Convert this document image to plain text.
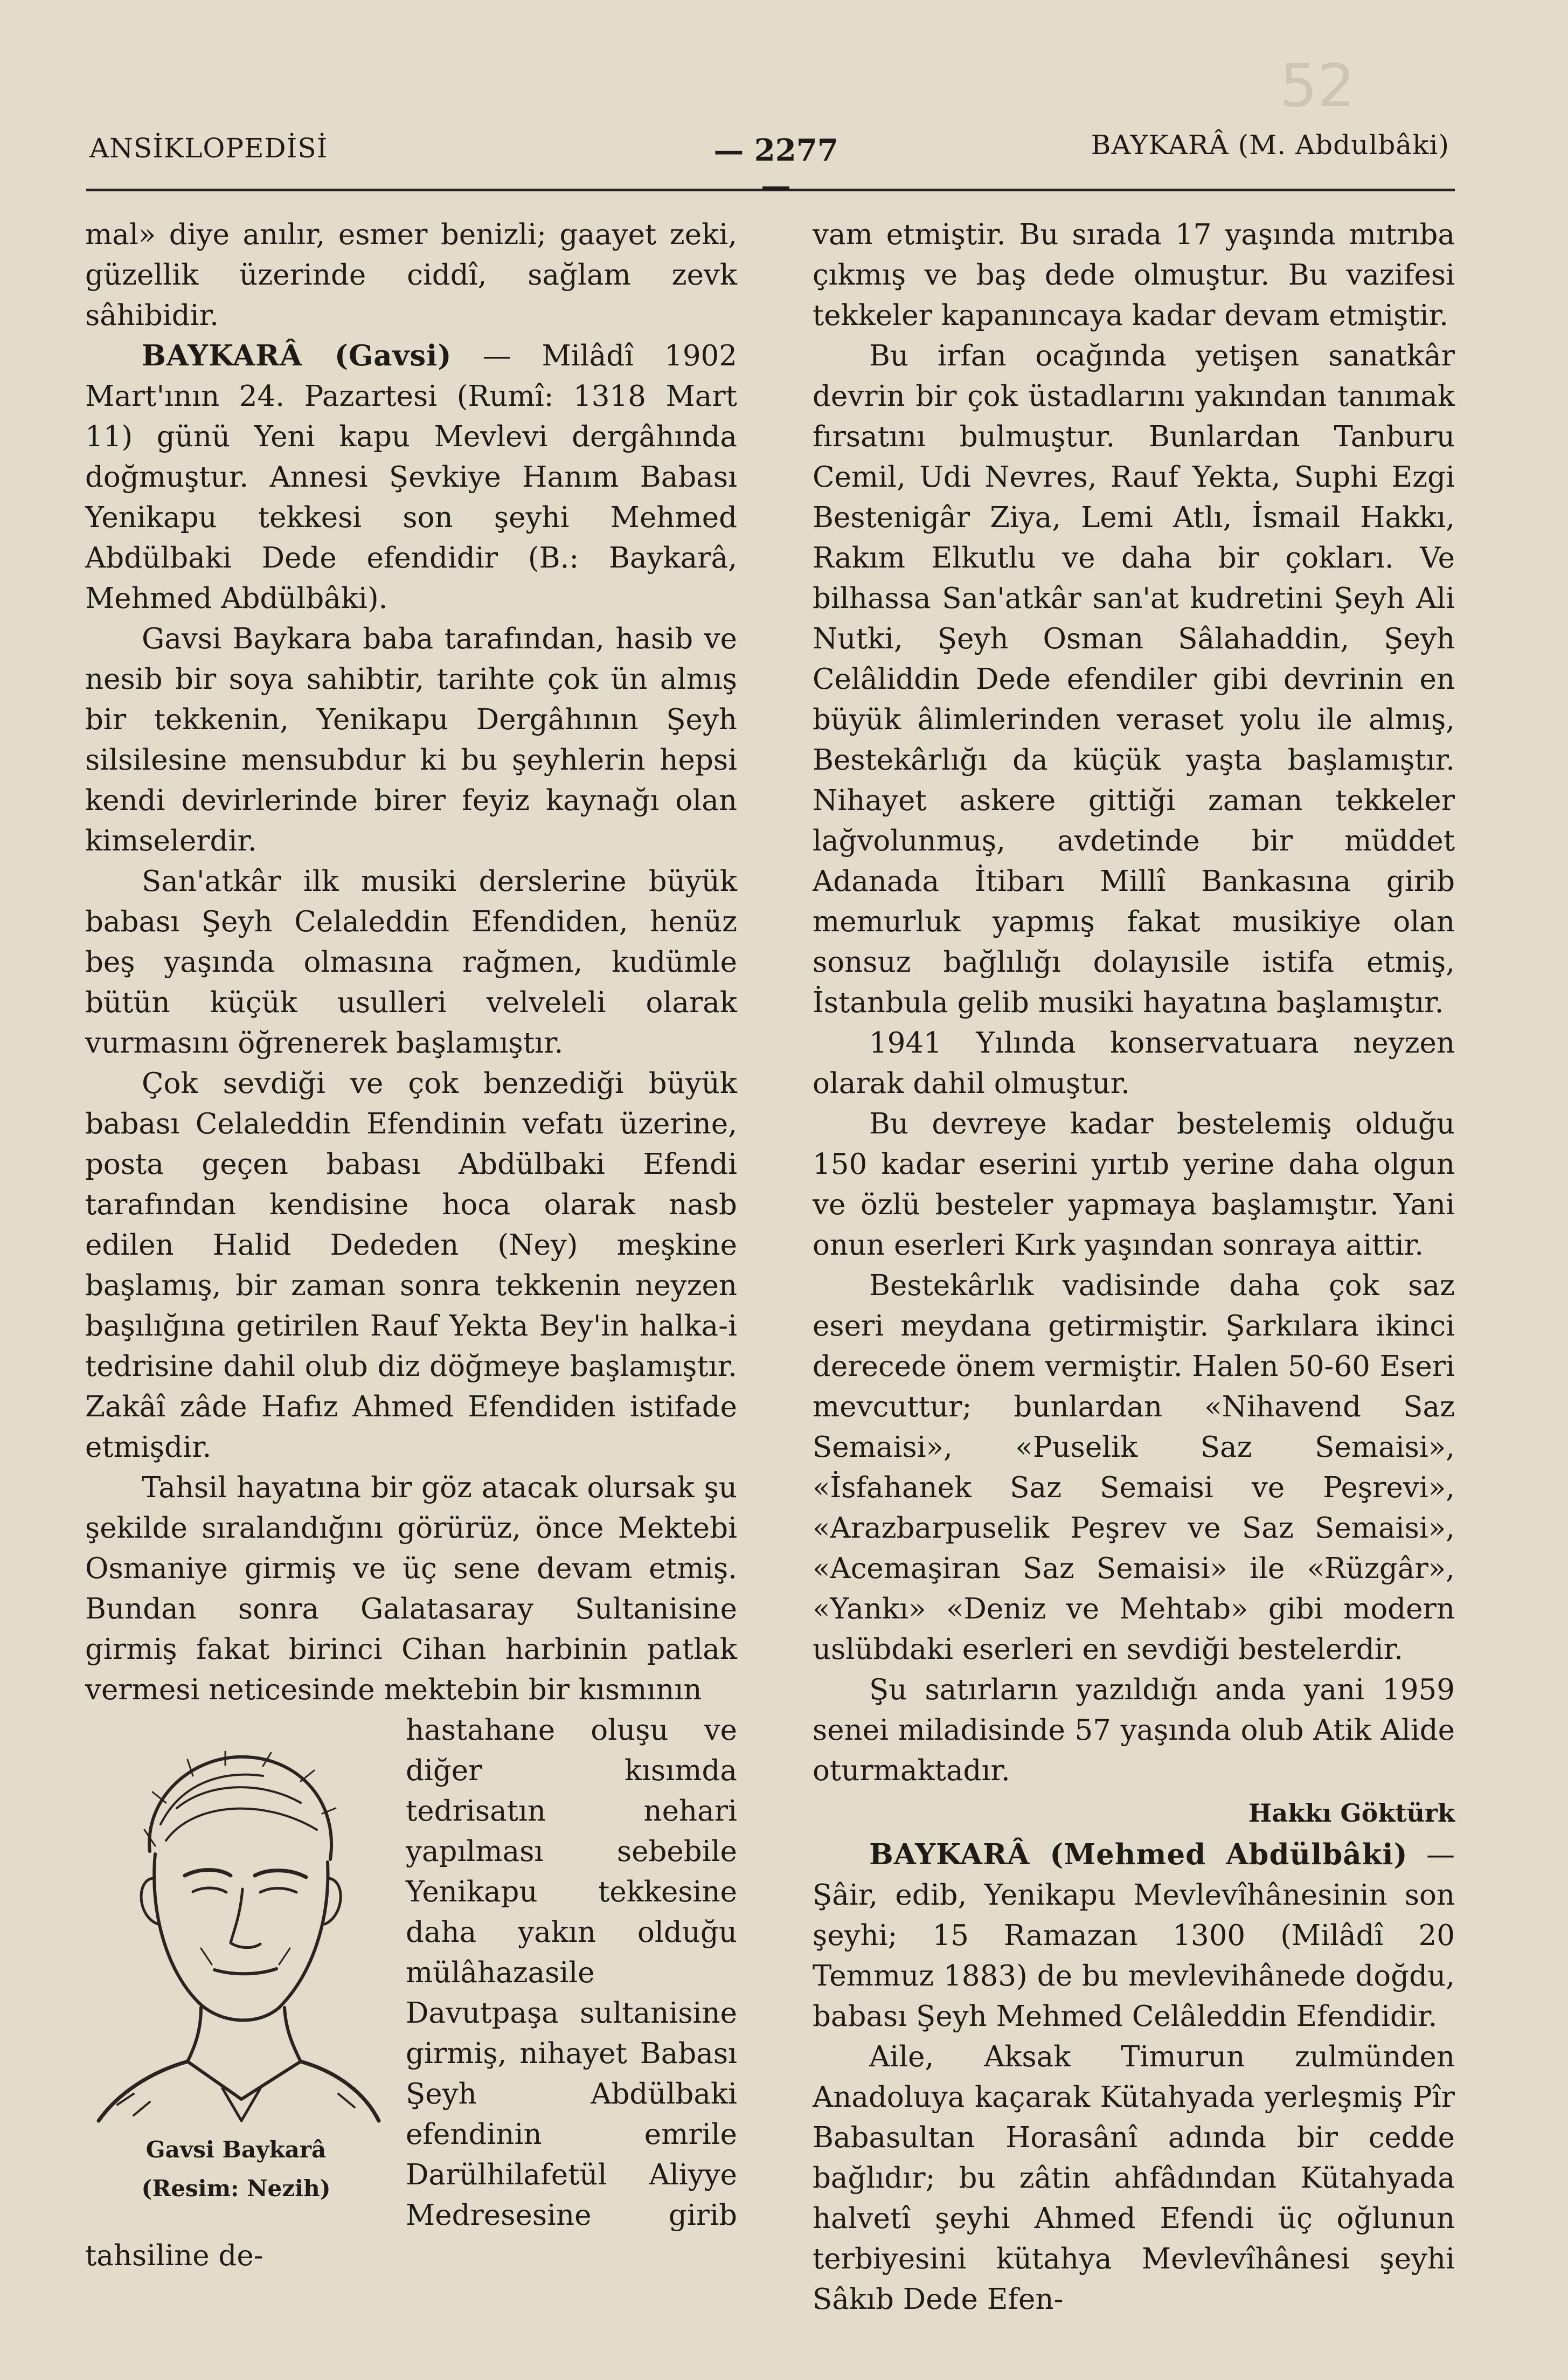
52
ANSİKLOPEDİSİ	— 2277 —
BAYKARÂ (M. Abdulbâki)

mal» diye anılır, esmer benizli; gaayet zeki, güzellik üzerinde ciddî, sağlam zevk sâhibidir.

BAYKARÂ (Gavsi) — Milâdî 1902 Mart'ının 24. Pazartesi (Rumî: 1318 Mart 11) günü Yeni kapu Mevlevi dergâhında doğmuştur. Annesi Şevkiye Hanım Babası Yenikapu tekkesi son şeyhi Mehmed Abdülbaki Dede efendidir (B.: Baykarâ, Mehmed Abdülbâki).

Gavsi Baykara baba tarafından, hasib ve nesib bir soya sahibtir, tarihte çok ün almış bir tekkenin, Yenikapu Dergâhının Şeyh silsilesine mensubdur ki bu şeyhlerin hepsi kendi devirlerinde birer feyiz kaynağı olan kimselerdir.

San'atkâr ilk musiki derslerine büyük babası Şeyh Celaleddin Efendiden, henüz beş yaşında olmasına rağmen, kudümle bütün küçük usulleri velveleli olarak vurmasını öğrenerek başlamıştır.

Çok sevdiği ve çok benzediği büyük babası Celaleddin Efendinin vefatı üzerine, posta geçen babası Abdülbaki Efendi tarafından kendisine hoca olarak nasb edilen Halid Dededen (Ney) meşkine başlamış, bir zaman sonra tekkenin neyzen başılığına getirilen Rauf Yekta Bey'in halka-i tedrisine dahil olub diz döğmeye başlamıştır. Zakâî zâde Hafız Ahmed Efendiden istifade etmişdir.

Tahsil hayatına bir göz atacak olursak şu şekilde sıralandığını görürüz, önce Mektebi Osmaniye girmiş ve üç sene devam etmiş. Bundan sonra Galatasaray Sultanisine girmiş fakat birinci Cihan harbinin patlak vermesi neticesinde mektebin bir kısmının

Gavsi Baykarâ
(Resim: Nezih)

hastahane oluşu ve diğer kısımda tedrisatın nehari yapılması sebebile Yenikapu tekkesine daha yakın olduğu mülâhazasile Davutpaşa sultanisine girmiş, nihayet Babası Şeyh Abdülbaki efendinin emrile Darülhilafetül Aliyye Medresesine girib tahsiline de-

vam etmiştir. Bu sırada 17 yaşında mıtrıba çıkmış ve baş dede olmuştur. Bu vazifesi tekkeler kapanıncaya kadar devam etmiştir.

Bu irfan ocağında yetişen sanatkâr devrin bir çok üstadlarını yakından tanımak fırsatını bulmuştur. Bunlardan Tanburu Cemil, Udi Nevres, Rauf Yekta, Suphi Ezgi Bestenigâr Ziya, Lemi Atlı, İsmail Hakkı, Rakım Elkutlu ve daha bir çokları. Ve bilhassa San'atkâr san'at kudretini Şeyh Ali Nutki, Şeyh Osman Sâlahaddin, Şeyh Celâliddin Dede efendiler gibi devrinin en büyük âlimlerinden veraset yolu ile almış, Bestekârlığı da küçük yaşta başlamıştır. Nihayet askere gittiği zaman tekkeler lağvolunmuş, avdetinde bir müddet Adanada İtibarı Millî Bankasına girib memurluk yapmış fakat musikiye olan sonsuz bağlılığı dolayısile istifa etmiş, İstanbula gelib musiki hayatına başlamıştır.

1941 Yılında konservatuara neyzen olarak dahil olmuştur.

Bu devreye kadar bestelemiş olduğu 150 kadar eserini yırtıb yerine daha olgun ve özlü besteler yapmaya başlamıştır. Yani onun eserleri Kırk yaşından sonraya aittir.

Bestekârlık vadisinde daha çok saz eseri meydana getirmiştir. Şarkılara ikinci derecede önem vermiştir. Halen 50-60 Eseri mevcuttur; bunlardan «Nihavend Saz Semaisi», «Puselik Saz Semaisi», «İsfahanek Saz Semaisi ve Peşrevi», «Arazbarpuselik Peşrev ve Saz Semaisi», «Acemaşiran Saz Semaisi» ile «Rüzgâr», «Yankı» «Deniz ve Mehtab» gibi modern uslübdaki eserleri en sevdiği bestelerdir.

Şu satırların yazıldığı anda yani 1959 senei miladisinde 57 yaşında olub Atik Alide oturmaktadır.

Hakkı Göktürk

BAYKARÂ (Mehmed Abdülbâki) — Şâir, edib, Yenikapu Mevlevîhânesinin son şeyhi; 15 Ramazan 1300 (Milâdî 20 Temmuz 1883) de bu mevlevihânede doğdu, babası Şeyh Mehmed Celâleddin Efendidir.

Aile, Aksak Timurun zulmünden Anadoluya kaçarak Kütahyada yerleşmiş Pîr Babasultan Horasânî adında bir cedde bağlıdır; bu zâtin ahfâdından Kütahyada halvetî şeyhi Ahmed Efendi üç oğlunun terbiyesini kütahya Mevlevîhânesi şeyhi Sâkıb Dede Efen-
